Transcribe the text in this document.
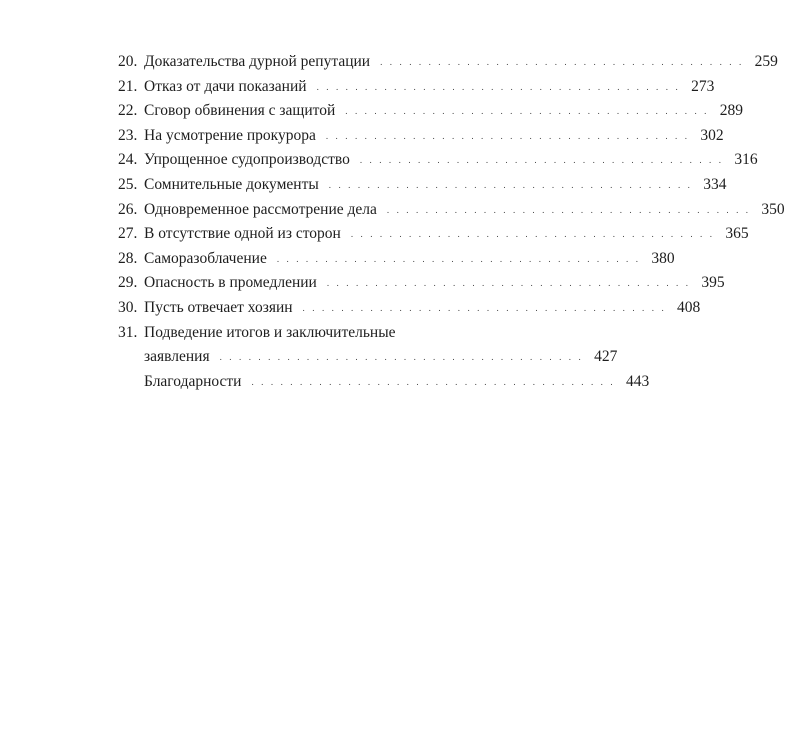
20. Доказательства дурной репутации . . . . . . . . . . . . . . . . . . . . . . . . . . . . . . . . . . . . . . 259
21. Отказ от дачи показаний . . . . . . . . . . . . . . . . . . . . . . . . . . . . . . . . . . . . . . 273
22. Сговор обвинения с защитой . . . . . . . . . . . . . . . . . . . . . . . . . . . . . . . . . . . . . . 289
23. На усмотрение прокурора . . . . . . . . . . . . . . . . . . . . . . . . . . . . . . . . . . . . . . 302
24. Упрощенное судопроизводство . . . . . . . . . . . . . . . . . . . . . . . . . . . . . . . . . . . . . . 316
25. Сомнительные документы . . . . . . . . . . . . . . . . . . . . . . . . . . . . . . . . . . . . . . 334
26. Одновременное рассмотрение дела . . . . . . . . . . . . . . . . . . . . . . . . . . . . . . . . . . . . . . 350
27. В отсутствие одной из сторон . . . . . . . . . . . . . . . . . . . . . . . . . . . . . . . . . . . . . . 365
28. Саморазоблачение . . . . . . . . . . . . . . . . . . . . . . . . . . . . . . . . . . . . . . 380
29. Опасность в промедлении . . . . . . . . . . . . . . . . . . . . . . . . . . . . . . . . . . . . . . 395
30. Пусть отвечает хозяин . . . . . . . . . . . . . . . . . . . . . . . . . . . . . . . . . . . . . . 408
31. Подведение итогов и заключительные
заявления . . . . . . . . . . . . . . . . . . . . . . . . . . . . . . . . . . . . . . 427
Благодарности . . . . . . . . . . . . . . . . . . . . . . . . . . . . . . . . . . . . . . 443
